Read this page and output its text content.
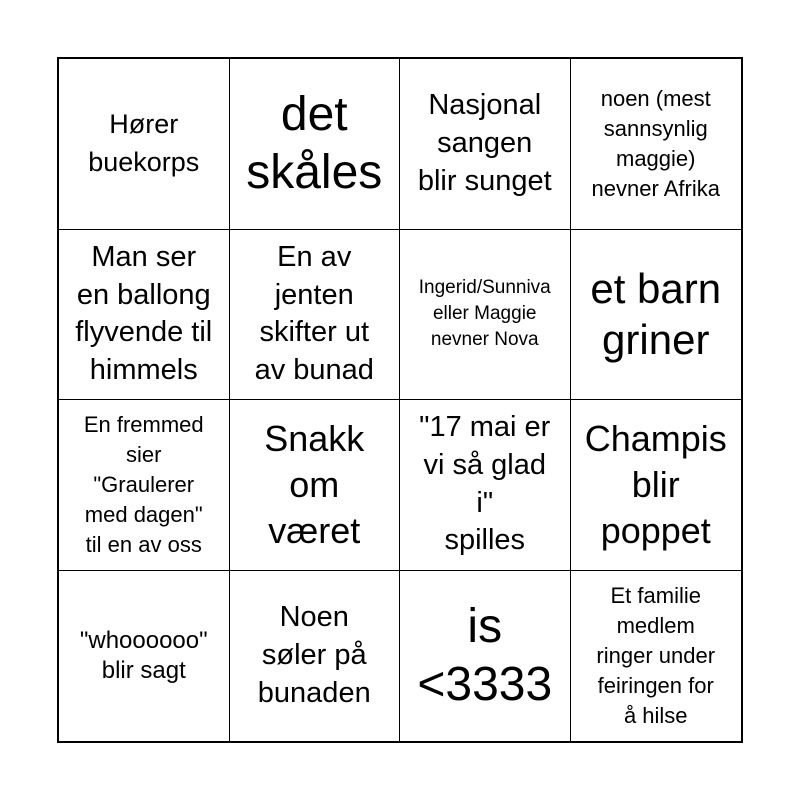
Hører
buekorps
det
skåles
Nasjonal
sangen
blir sunget
noen (mest
sannsynlig
maggie)
nevner Afrika
Man ser
en ballong
flyvende til
himmels
En av
jenten
skifter ut
av bunad
Ingerid/Sunniva
eller Maggie
nevner Nova
et barn
griner
En fremmed
sier
"Graulerer
med dagen"
til en av oss
Snakk
om
været
"17 mai er
vi så glad
i"
spilles
Champis
blir
poppet
"whoooooo"
blir sagt
Noen
søler på
bunaden
is
<3333
Et familie
medlem
ringer under
feiringen for
å hilse
